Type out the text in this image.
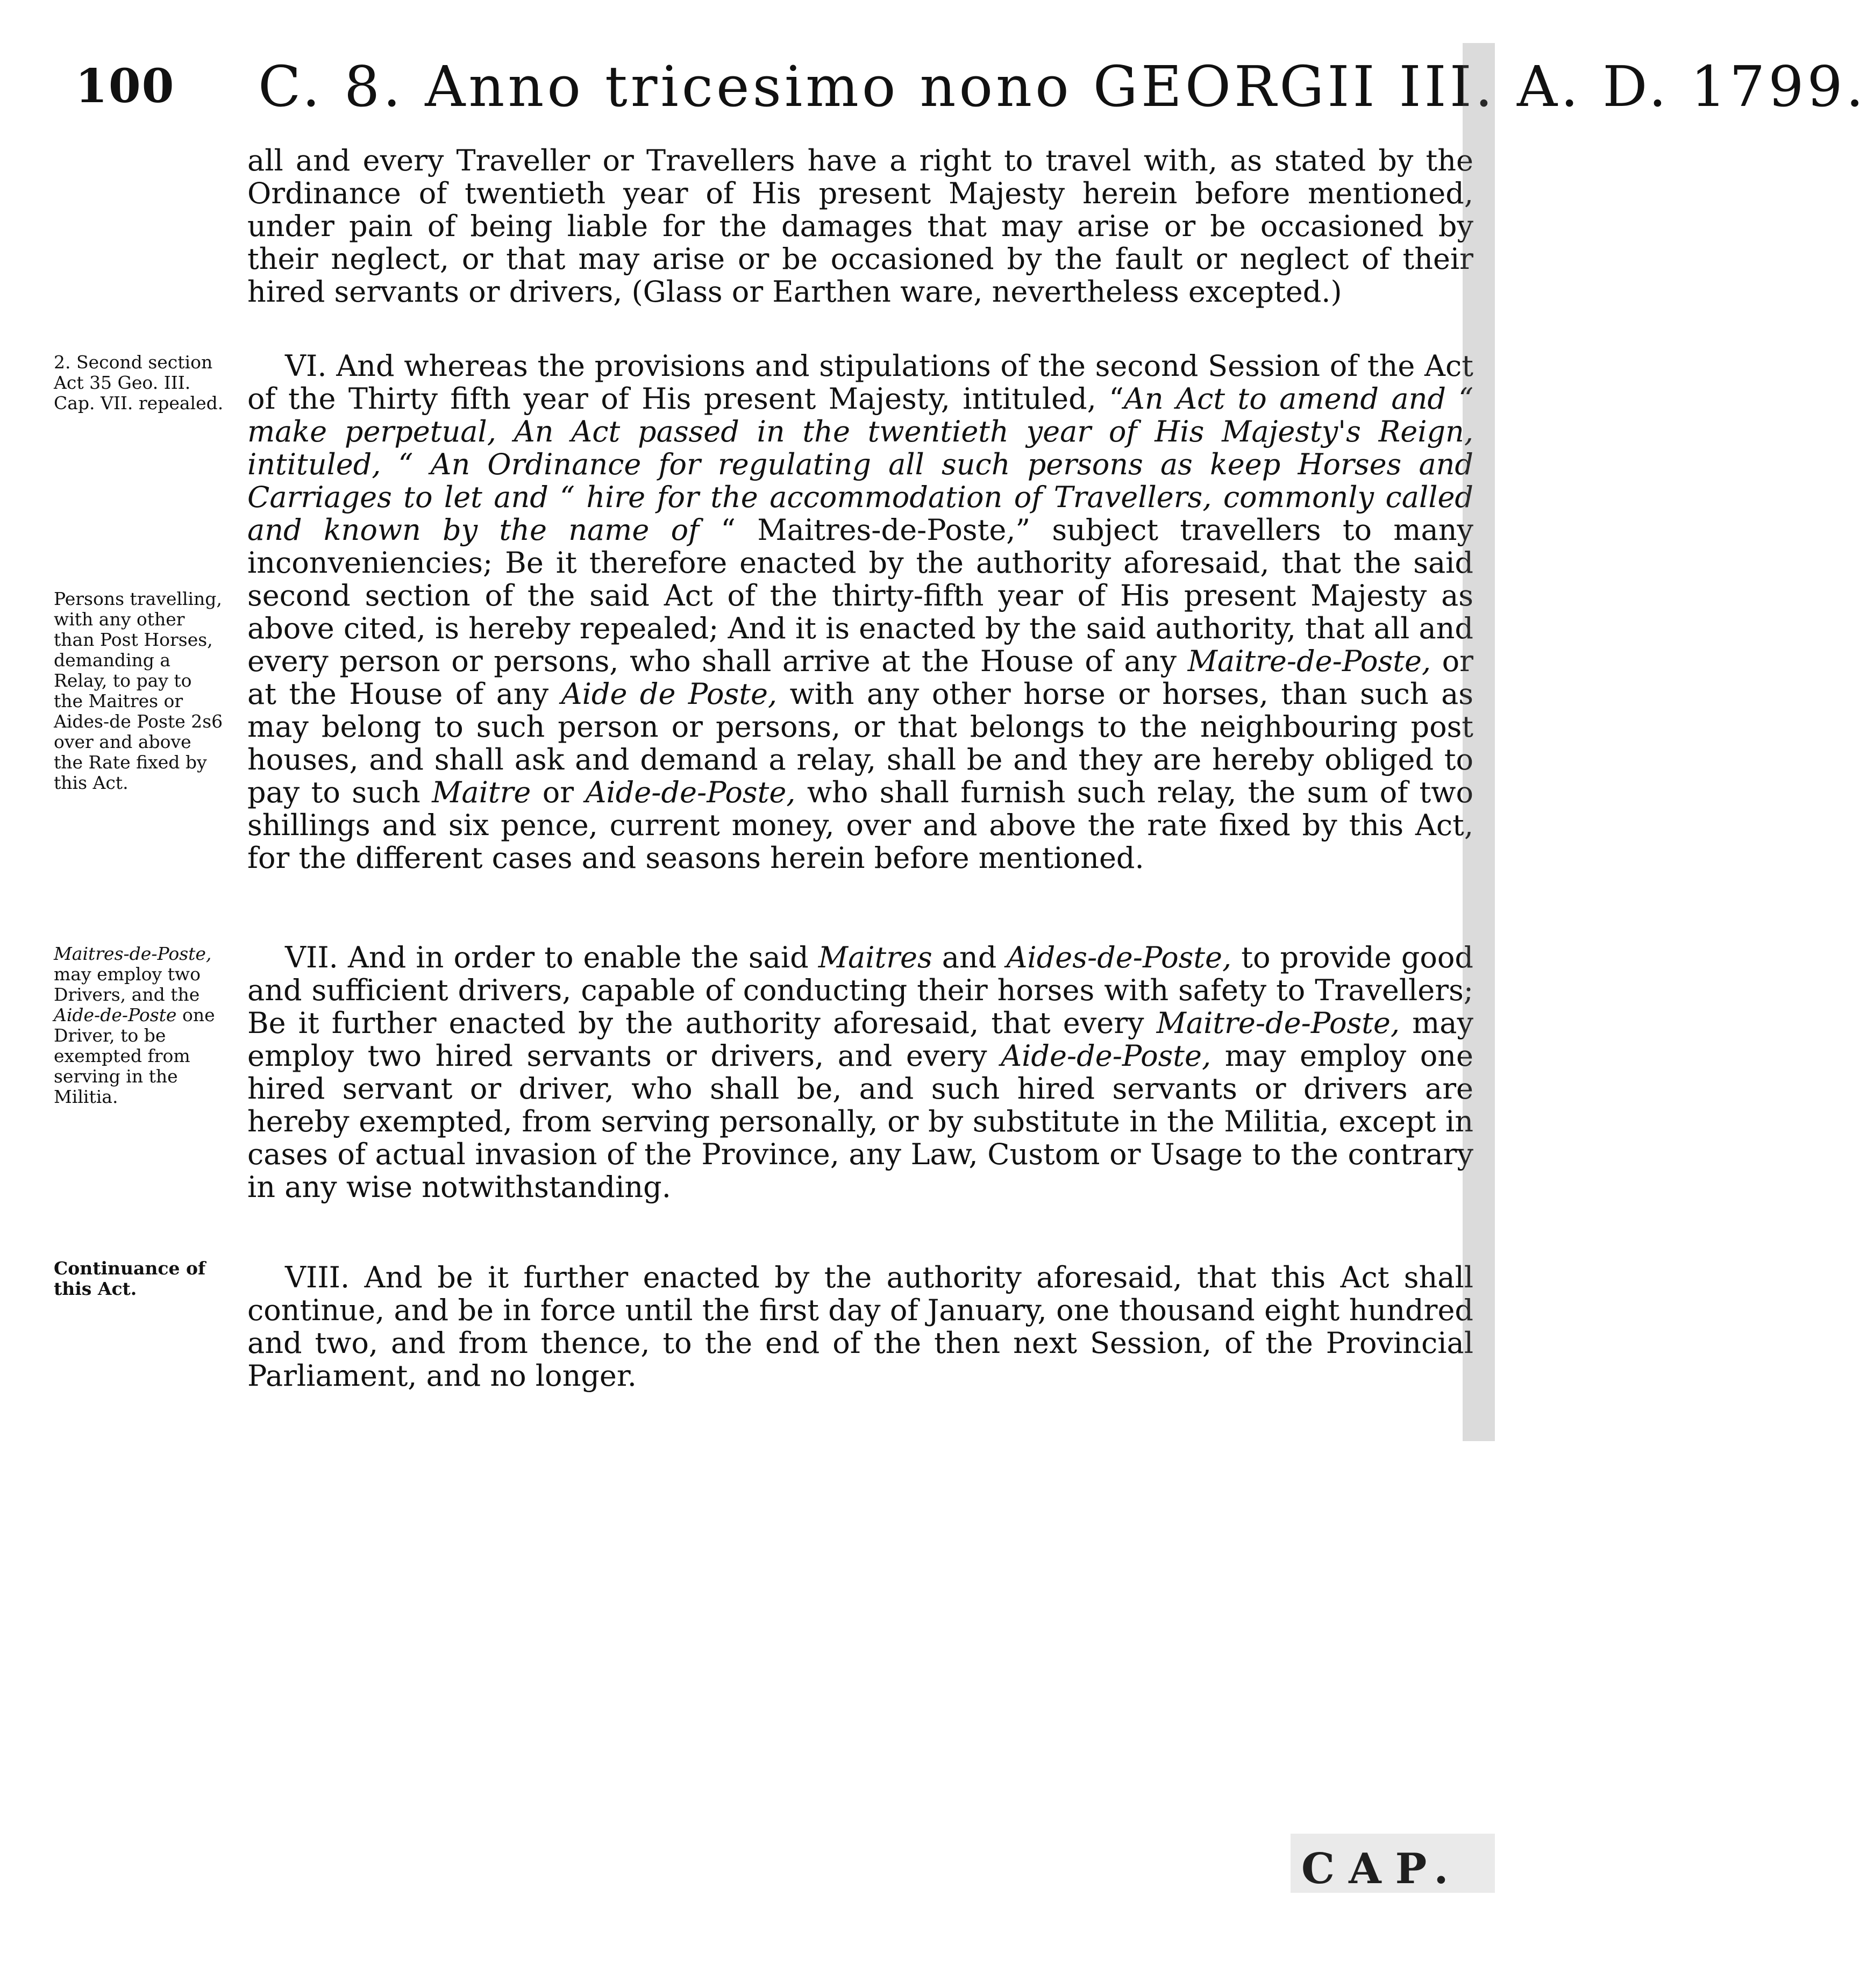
100 C. 8. Anno tricesimo nono GEORGII III. A. D. 1799.

all and every Traveller or Travellers have a right to travel with, as stated by the Ordinance of twentieth year of His present Majesty herein before mentioned, under pain of being liable for the damages that may arise or be occasioned by their neglect, or that may arise or be occasioned by the fault or neglect of their hired servants or drivers, (Glass or Earthen ware, nevertheless excepted.)

VI. And whereas the provisions and stipulations of the second Session of the Act of the Thirty fifth year of His present Majesty, intituled, “An Act to amend and “ make perpetual, An Act passed in the twentieth year of His Majesty's Reign, intituled, “ An Ordinance for regulating all such persons as keep Horses and Carriages to let and “ hire for the accommodation of Travellers, commonly called and known by the name of “ Maitres-de-Poste,” subject travellers to many inconveniencies; Be it therefore enacted by the authority aforesaid, that the said second section of the said Act of the thirty-fifth year of His present Majesty as above cited, is hereby repealed; And it is enacted by the said authority, that all and every person or persons, who shall arrive at the House of any Maitre-de-Poste, or at the House of any Aide de Poste, with any other horse or horses, than such as may belong to such person or persons, or that belongs to the neighbouring post houses, and shall ask and demand a relay, shall be and they are hereby obliged to pay to such Maitre or Aide-de-Poste, who shall furnish such relay, the sum of two shillings and six pence, current money, over and above the rate fixed by this Act, for the different cases and seasons herein before mentioned.

VII. And in order to enable the said Maitres and Aides-de-Poste, to provide good and sufficient drivers, capable of conducting their horses with safety to Travellers; Be it further enacted by the authority aforesaid, that every Maitre-de-Poste, may employ two hired servants or drivers, and every Aide-de-Poste, may employ one hired servant or driver, who shall be, and such hired servants or drivers are hereby exempted, from serving personally, or by substitute in the Militia, except in cases of actual invasion of the Province, any Law, Custom or Usage to the contrary in any wise notwithstanding.

VIII. And be it further enacted by the authority aforesaid, that this Act shall continue, and be in force until the first day of January, one thousand eight hundred and two, and from thence, to the end of the then next Session, of the Provincial Parliament, and no longer.

2. Second section Act 35 Geo. III. Cap. VII. repealed.
Persons travelling, with any other than Post Horses, demanding a Relay, to pay to the Maitres or Aides-de Poste 2s6 over and above the Rate fixed by this Act.
Maitres-de-Poste, may employ two Drivers, and the Aide-de-Poste one Driver, to be exempted from serving in the Militia.
Continuance of this Act.
CAP.
